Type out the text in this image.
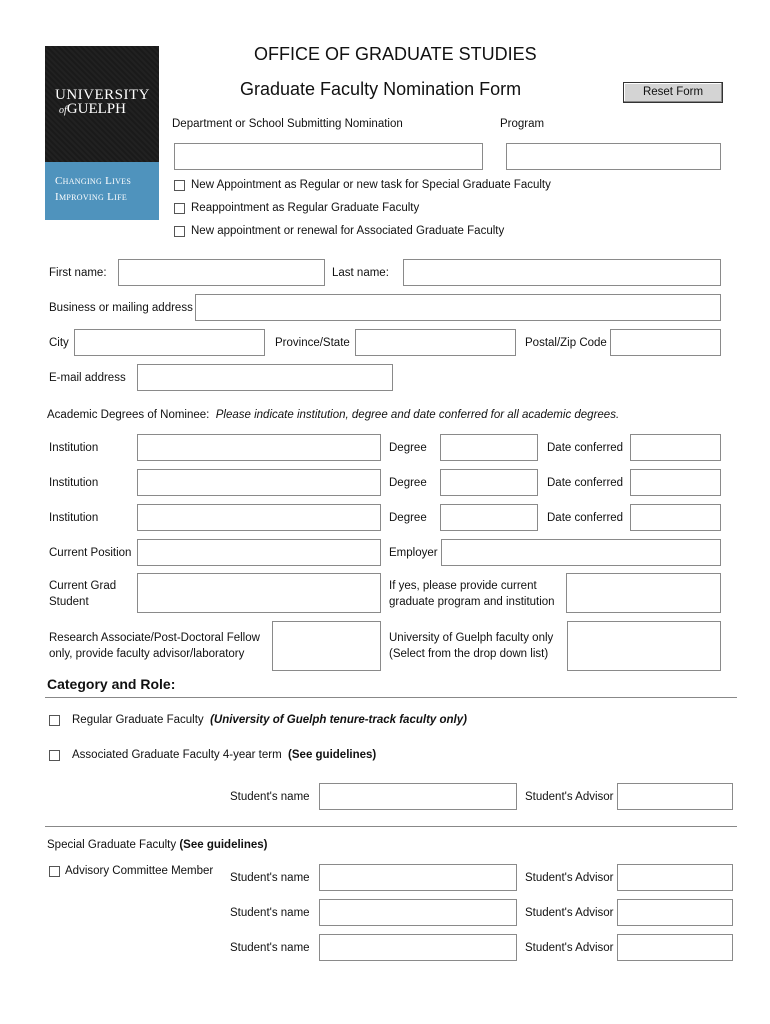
UNIVERSITY
ofGUELPH
Changing Lives
Improving Life
OFFICE OF GRADUATE STUDIES
Graduate Faculty Nomination Form	Reset Form
Department or School Submitting Nomination	Program
New Appointment as Regular or new task for Special Graduate Faculty
Reappointment as Regular Graduate Faculty
New appointment or renewal for Associated Graduate Faculty
First name:	Last name:
Business or mailing address
City	Province/State	Postal/Zip Code
E-mail address
Academic Degrees of Nominee: Please indicate institution, degree and date conferred for all academic degrees.
Institution	Degree	Date conferred
Institution	Degree	Date conferred
Institution	Degree	Date conferred
Current Position	Employer
Current Grad
Student
If yes, please provide current
graduate program and institution
Research Associate/Post-Doctoral Fellow
only, provide faculty advisor/laboratory
University of Guelph faculty only
(Select from the drop down list)
Category and Role:
Regular Graduate Faculty (University of Guelph tenure-track faculty only)
Associated Graduate Faculty 4-year term (See guidelines)
Student's name	Student's Advisor
Special Graduate Faculty (See guidelines)
Advisory Committee Member
Student's name	Student's Advisor
Student's name	Student's Advisor
Student's name	Student's Advisor
